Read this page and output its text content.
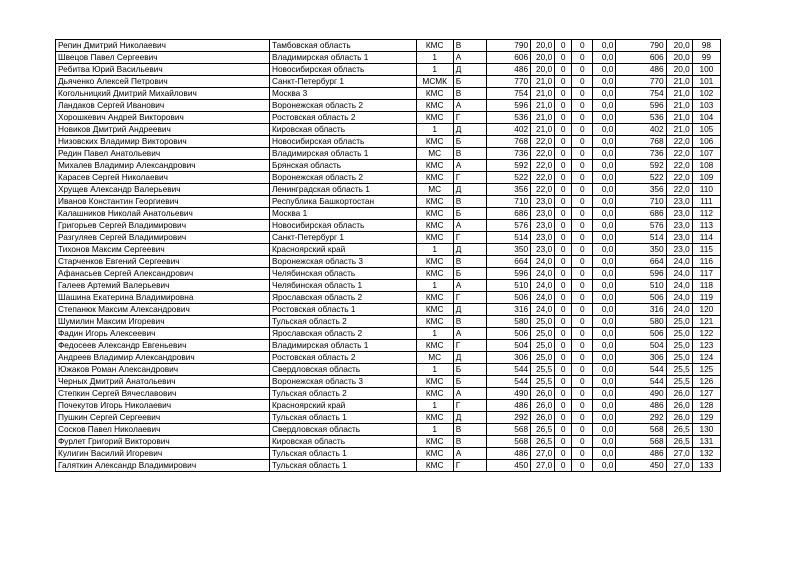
Репин Дмитрий Николаевич	Тамбовская область	КМС	В	790	20,0	0	0	0,0	790	20,0	98
Швецов Павел Сергеевич	Владимирская область 1	1	А	606	20,0	0	0	0,0	606	20,0	99
Ребитва Юрий Васильевич	Новосибирская область	1	Д	486	20,0	0	0	0,0	486	20,0	100
Дьяченко Алексей Петрович	Санкт-Петербург 1	МСМК	Б	770	21,0	0	0	0,0	770	21,0	101
Когольницкий Дмитрий Михайлович	Москва 3	КМС	В	754	21,0	0	0	0,0	754	21,0	102
Ландаков Сергей Иванович	Воронежская область 2	КМС	А	596	21,0	0	0	0,0	596	21,0	103
Хорошкевич Андрей Викторович	Ростовская область 2	КМС	Г	536	21,0	0	0	0,0	536	21,0	104
Новиков Дмитрий Андреевич	Кировская область	1	Д	402	21,0	0	0	0,0	402	21,0	105
Низовских Владимир Викторович	Новосибирская область	КМС	Б	768	22,0	0	0	0,0	768	22,0	106
Редин Павел Анатольевич	Владимирская область 1	МС	В	736	22,0	0	0	0,0	736	22,0	107
Михалев Владимир Александрович	Брянская область	КМС	А	592	22,0	0	0	0,0	592	22,0	108
Карасев Сергей Николаевич	Воронежская область 2	КМС	Г	522	22,0	0	0	0,0	522	22,0	109
Хрущев Александр Валерьевич	Ленинградская область 1	МС	Д	356	22,0	0	0	0,0	356	22,0	110
Иванов Константин Георгиевич	Республика Башкортостан	КМС	В	710	23,0	0	0	0,0	710	23,0	111
Калашников Николай Анатольевич	Москва 1	КМС	Б	686	23,0	0	0	0,0	686	23,0	112
Григорьев Сергей Владимирович	Новосибирская область	КМС	А	576	23,0	0	0	0,0	576	23,0	113
Разгуляев Сергей Владимирович	Санкт-Петербург 1	КМС	Г	514	23,0	0	0	0,0	514	23,0	114
Тихонов Максим Сергеевич	Красноярский край	1	Д	350	23,0	0	0	0,0	350	23,0	115
Старченков Евгений Сергеевич	Воронежская область 3	КМС	В	664	24,0	0	0	0,0	664	24,0	116
Афанасьев Сергей Александрович	Челябинская область	КМС	Б	596	24,0	0	0	0,0	596	24,0	117
Галеев Артемий Валерьевич	Челябинская область 1	1	А	510	24,0	0	0	0,0	510	24,0	118
Шашина Екатерина Владимировна	Ярославская область 2	КМС	Г	506	24,0	0	0	0,0	506	24,0	119
Степанюк Максим Александрович	Ростовская область 1	КМС	Д	316	24,0	0	0	0,0	316	24,0	120
Шумилин Максим Игоревич	Тульская область 2	КМС	В	580	25,0	0	0	0,0	580	25,0	121
Фадин Игорь Алексеевич	Ярославская область 2	1	А	506	25,0	0	0	0,0	506	25,0	122
Федосеев Александр Евгеньевич	Владимирская область 1	КМС	Г	504	25,0	0	0	0,0	504	25,0	123
Андреев Владимир Александрович	Ростовская область 2	МС	Д	306	25,0	0	0	0,0	306	25,0	124
Южаков Роман Александрович	Свердловская область	1	Б	544	25,5	0	0	0,0	544	25,5	125
Черных Дмитрий Анатольевич	Воронежская область 3	КМС	Б	544	25,5	0	0	0,0	544	25,5	126
Степкин Сергей Вячеславович	Тульская область 2	КМС	А	490	26,0	0	0	0,0	490	26,0	127
Почекутов Игорь Николаевич	Красноярский край	1	Г	486	26,0	0	0	0,0	486	26,0	128
Пушкин Сергей Сергеевич	Тульская область 1	КМС	Д	292	26,0	0	0	0,0	292	26,0	129
Сосков Павел Николаевич	Свердловская область	1	В	568	26,5	0	0	0,0	568	26,5	130
Фурлет Григорий Викторович	Кировская область	КМС	В	568	26,5	0	0	0,0	568	26,5	131
Кулигин Василий Игоревич	Тульская область 1	КМС	А	486	27,0	0	0	0,0	486	27,0	132
Галяткин Александр Владимирович	Тульская область 1	КМС	Г	450	27,0	0	0	0,0	450	27,0	133
